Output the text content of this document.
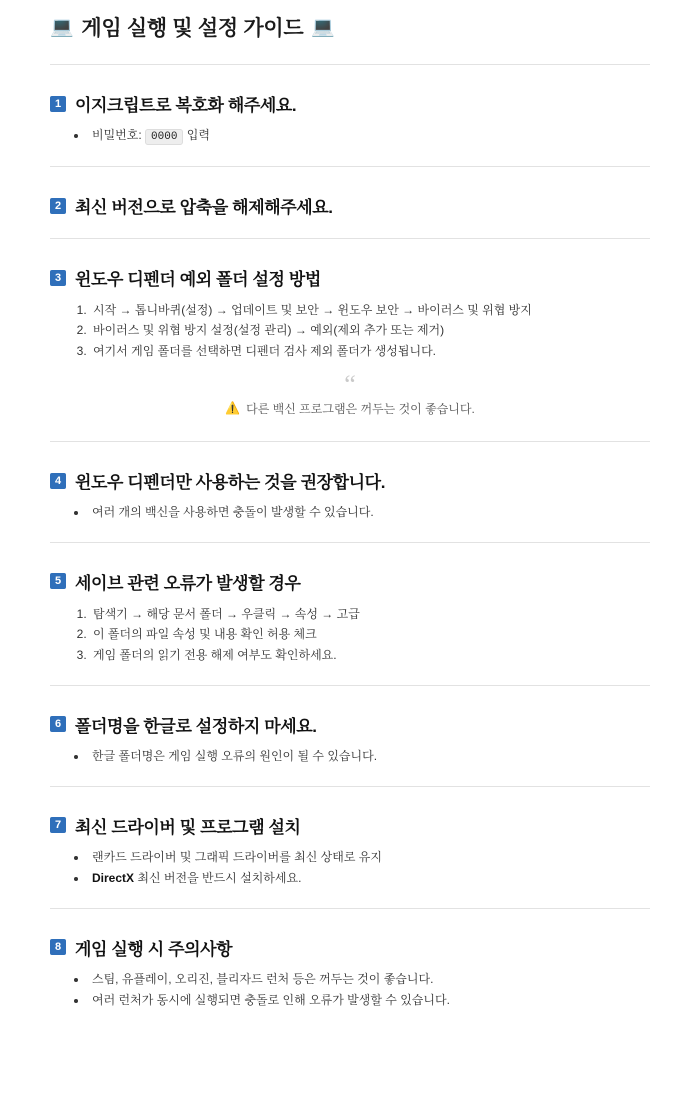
💻 게임 실행 및 설정 가이드 💻
1 이지크립트로 복호화 해주세요.
• 비밀번호: 0000 입력
2 최신 버전으로 압축을 해제해주세요.
3 윈도우 디펜더 예외 폴더 설정 방법
1. 시작 → 톱니바퀴(설정) → 업데이트 및 보안 → 윈도우 보안 → 바이러스 및 위협 방지
2. 바이러스 및 위협 방지 설정(설정 관리) → 예외(제외 추가 또는 제거)
3. 여기서 게임 폴더를 선택하면 디펜더 검사 제외 폴더가 생성됩니다.
“
⚠️ 다른 백신 프로그램은 꺼두는 것이 좋습니다.
4 윈도우 디펜더만 사용하는 것을 권장합니다.
• 여러 개의 백신을 사용하면 충돌이 발생할 수 있습니다.
5 세이브 관련 오류가 발생할 경우
1. 탐색기 → 해당 문서 폴더 → 우클릭 → 속성 → 고급
2. 이 폴더의 파일 속성 및 내용 확인 허용 체크
3. 게임 폴더의 읽기 전용 해제 여부도 확인하세요.
6 폴더명을 한글로 설정하지 마세요.
• 한글 폴더명은 게임 실행 오류의 원인이 될 수 있습니다.
7 최신 드라이버 및 프로그램 설치
• 랜카드 드라이버 및 그래픽 드라이버를 최신 상태로 유지
• DirectX 최신 버전을 반드시 설치하세요.
8 게임 실행 시 주의사항
• 스팀, 유플레이, 오리진, 블리자드 런처 등은 꺼두는 것이 좋습니다.
• 여러 런처가 동시에 실행되면 충돌로 인해 오류가 발생할 수 있습니다.
